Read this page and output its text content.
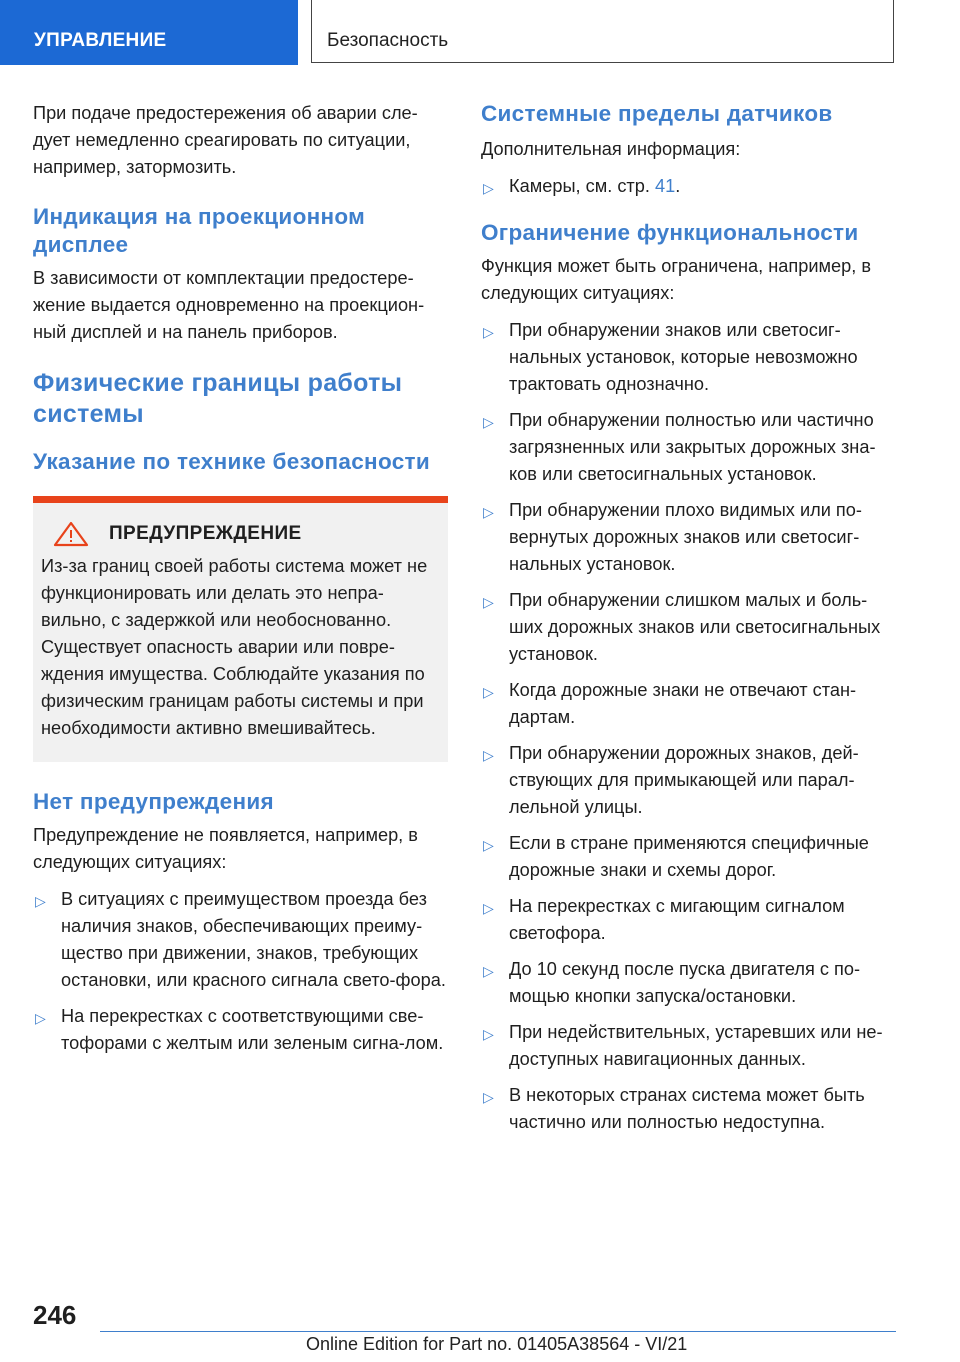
УПРАВЛЕНИЕ	Безопасность

При подаче предостережения об аварии сле-дует немедленно среагировать по ситуации, например, затормозить.

Индикация на проекционном дисплее

В зависимости от комплектации предостере-жение выдается одновременно на проекцион-ный дисплей и на панель приборов.

Физические границы работы системы
Указание по технике безопасности
ПРЕДУПРЕЖДЕНИЕ

Из-за границ своей работы система может не функционировать или делать это непра-вильно, с задержкой или необоснованно. Существует опасность аварии или повре-ждения имущества. Соблюдайте указания по физическим границам работы системы и при необходимости активно вмешивайтесь.

Нет предупреждения

Предупреждение не появляется, например, в следующих ситуациях:

▷ В ситуациях с преимуществом проезда без наличия знаков, обеспечивающих преиму-щество при движении, знаков, требующих остановки, или красного сигнала свето-фора.
▷ На перекрестках с соответствующими све-тофорами с желтым или зеленым сигна-лом.
Системные пределы датчиков

Дополнительная информация:

▷ Камеры, см. стр. 41.
Ограничение функциональности

Функция может быть ограничена, например, в следующих ситуациях:

▷ При обнаружении знаков или светосиг-нальных установок, которые невозможно трактовать однозначно.
▷ При обнаружении полностью или частично загрязненных или закрытых дорожных зна-ков или светосигнальных установок.
▷ При обнаружении плохо видимых или по-вернутых дорожных знаков или светосиг-нальных установок.
▷ При обнаружении слишком малых и боль-ших дорожных знаков или светосигнальных установок.
▷ Когда дорожные знаки не отвечают стан-дартам.
▷ При обнаружении дорожных знаков, дей-ствующих для примыкающей или парал-лельной улицы.
▷ Если в стране применяются специфичные дорожные знаки и схемы дорог.
▷ На перекрестках с мигающим сигналом светофора.
▷ До 10 секунд после пуска двигателя с по-мощью кнопки запуска/остановки.
▷ При недействительных, устаревших или не-доступных навигационных данных.
▷ В некоторых странах система может быть частично или полностью недоступна.
246
Online Edition for Part no. 01405A38564 - VI/21
